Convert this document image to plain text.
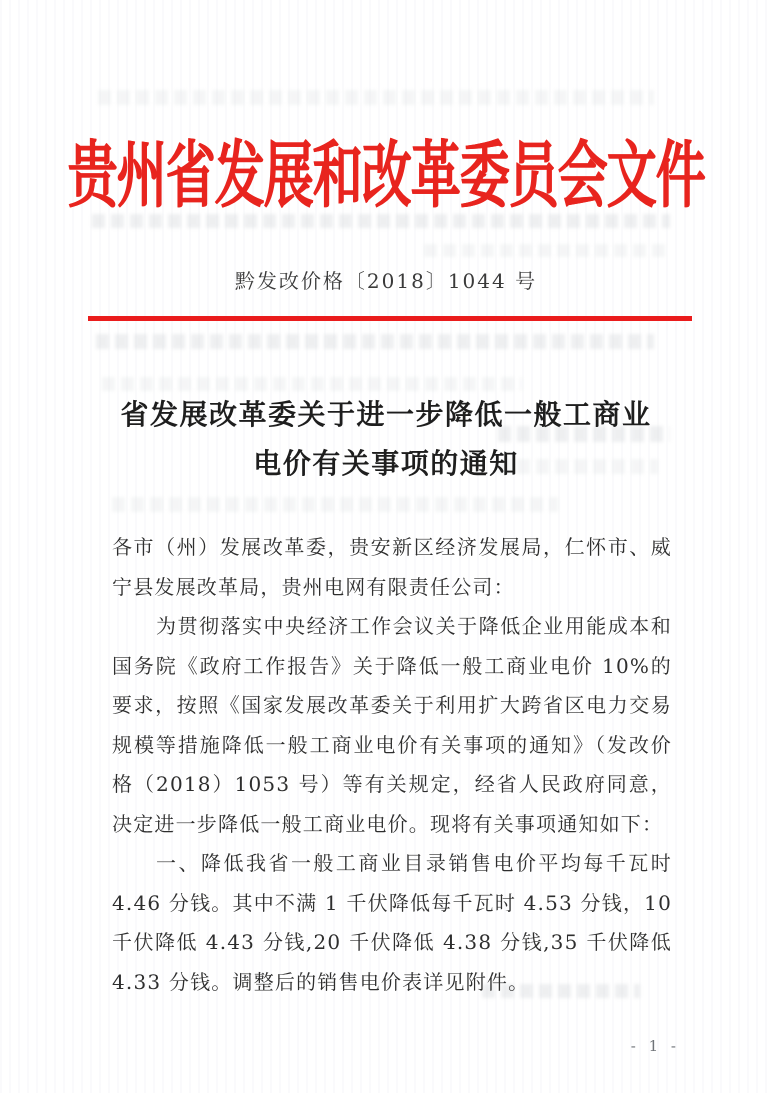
贵州省发展和改革委员会文件
黔发改价格〔2018〕1044 号
省发展改革委关于进一步降低一般工商业
电价有关事项的通知

各市（州）发展改革委，贵安新区经济发展局，仁怀市、威宁县发展改革局，贵州电网有限责任公司：

为贯彻落实中央经济工作会议关于降低企业用能成本和国务院《政府工作报告》关于降低一般工商业电价 10%的要求，按照《国家发展改革委关于利用扩大跨省区电力交易规模等措施降低一般工商业电价有关事项的通知》（发改价格（2018）1053 号）等有关规定，经省人民政府同意，决定进一步降低一般工商业电价。现将有关事项通知如下：

一、降低我省一般工商业目录销售电价平均每千瓦时 4.46 分钱。其中不满 1 千伏降低每千瓦时 4.53 分钱，10 千伏降低 4.43 分钱,20 千伏降低 4.38 分钱,35 千伏降低 4.33 分钱。调整后的销售电价表详见附件。

- 1 -
